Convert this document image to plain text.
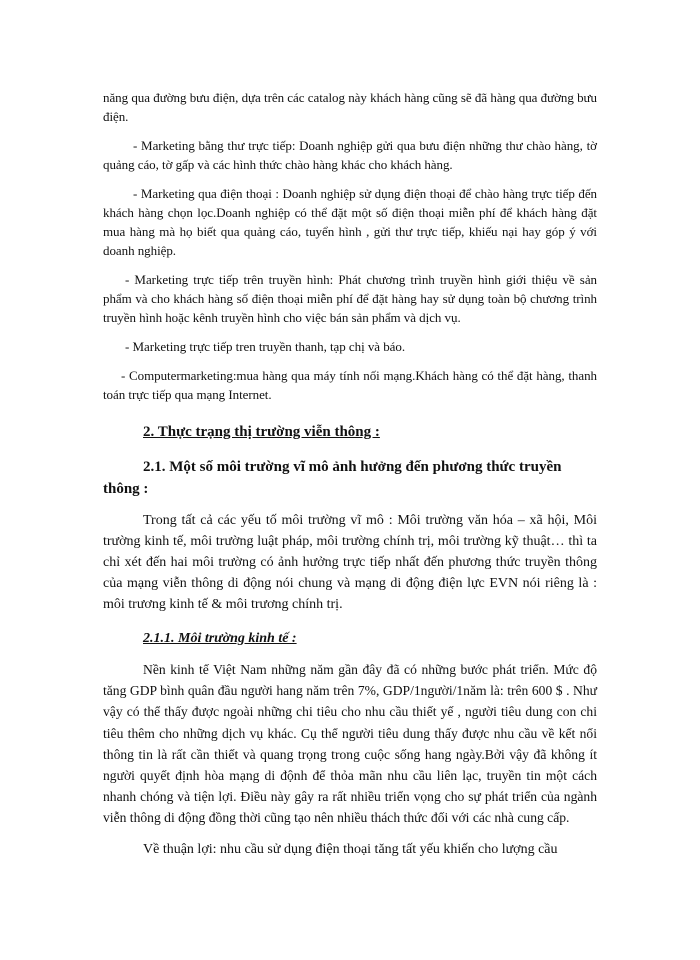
năng qua đường bưu điện, dựa trên các catalog này khách hàng cũng sẽ đã hàng qua đường bưu điện.

- Marketing bằng thư trực tiếp: Doanh nghiệp gửi qua bưu điện những thư chào hàng, tờ quảng cáo, tờ gấp và các hình thức chào hàng khác cho khách hàng.

- Marketing qua điện thoại : Doanh nghiệp sử dụng điện thoại để chào hàng trực tiếp đến khách hàng chọn lọc.Doanh nghiệp có thể đặt một số điện thoại miễn phí để khách hàng đặt mua hàng mà họ biết qua quảng cáo, tuyển hình , gửi thư trực tiếp, khiếu nại hay góp ý với doanh nghiệp.

- Marketing trực tiếp trên truyền hình: Phát chương trình truyền hình giới thiệu về sản phẩm và cho khách hàng số điện thoại miễn phí để đặt hàng hay sử dụng toàn bộ chương trình truyền hình hoặc kênh truyền hình cho việc bán sản phẩm và dịch vụ.

- Marketing trực tiếp tren truyền thanh, tạp chị và báo.

- Computermarketing:mua hàng qua máy tính nối mạng.Khách hàng có thể đặt hàng, thanh toán trực tiếp qua mạng Internet.

2. Thực trạng thị trường viễn thông :
2.1. Một số môi trường vĩ mô ảnh hưởng đến phương thức truyền thông :

Trong tất cả các yếu tố môi trường vĩ mô : Môi trường văn hóa – xã hội, Môi trường kinh tế, môi trường luật pháp, môi trường chính trị, môi trường kỹ thuật… thì ta chỉ xét đến hai môi trường có ảnh hưởng trực tiếp nhất đến phương thức truyền thông của mạng viễn thông di động nói chung và mạng di động điện lực EVN nói riêng là : môi trương kinh tế & môi trương chính trị.

2.1.1. Môi trường kinh tế :

Nền kinh tế Việt Nam những năm gần đây đã có những bước phát triển. Mức độ tăng GDP bình quân đầu người hang năm trên 7%, GDP/1người/1năm là: trên 600 $ . Như vậy có thể thấy được ngoài những chi tiêu cho nhu cầu thiết yế , người tiêu dung con chi tiêu thêm cho những dịch vụ khác. Cụ thể người tiêu dung thấy được nhu cầu về kết nối thông tin là rất cần thiết và quang trọng trong cuộc sống hang ngày.Bởi vậy đã không ít người quyết định hòa mạng di độnh để thỏa mãn nhu cầu liên lạc, truyền tin một cách nhanh chóng và tiện lợi. Điều này gây ra rất nhiều triển vọng cho sự phát triển của ngành viễn thông di động đồng thời cũng tạo nên nhiều thách thức đối với các nhà cung cấp.

Về thuận lợi: nhu cầu sử dụng điện thoại tăng tất yếu khiến cho lượng cầu
